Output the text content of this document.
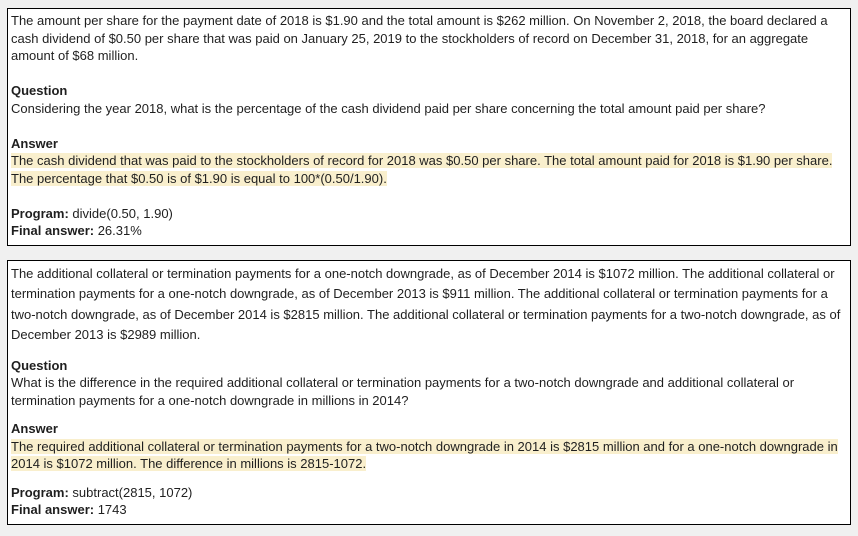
The amount per share for the payment date of 2018 is $1.90 and the total amount is $262 million. On November 2, 2018, the board declared a cash dividend of $0.50 per share that was paid on January 25, 2019 to the stockholders of record on December 31, 2018, for an aggregate amount of $68 million.

Question

Considering the year 2018, what is the percentage of the cash dividend paid per share concerning the total amount paid per share?

Answer

The cash dividend that was paid to the stockholders of record for 2018 was $0.50 per share. The total amount paid for 2018 is $1.90 per share. The percentage that $0.50 is of $1.90 is equal to 100*(0.50/1.90).

Program: divide(0.50, 1.90)

Final answer: 26.31%

The additional collateral or termination payments for a one-notch downgrade, as of December 2014 is $1072 million. The additional collateral or termination payments for a one-notch downgrade, as of December 2013 is $911 million. The additional collateral or termination payments for a two-notch downgrade, as of December 2014 is $2815 million. The additional collateral or termination payments for a two-notch downgrade, as of December 2013 is $2989 million.

Question

What is the difference in the required additional collateral or termination payments for a two-notch downgrade and additional collateral or termination payments for a one-notch downgrade in millions in 2014?

Answer

The required additional collateral or termination payments for a two-notch downgrade in 2014 is $2815 million and for a one-notch downgrade in 2014 is $1072 million. The difference in millions is 2815-1072.

Program: subtract(2815, 1072)

Final answer: 1743
